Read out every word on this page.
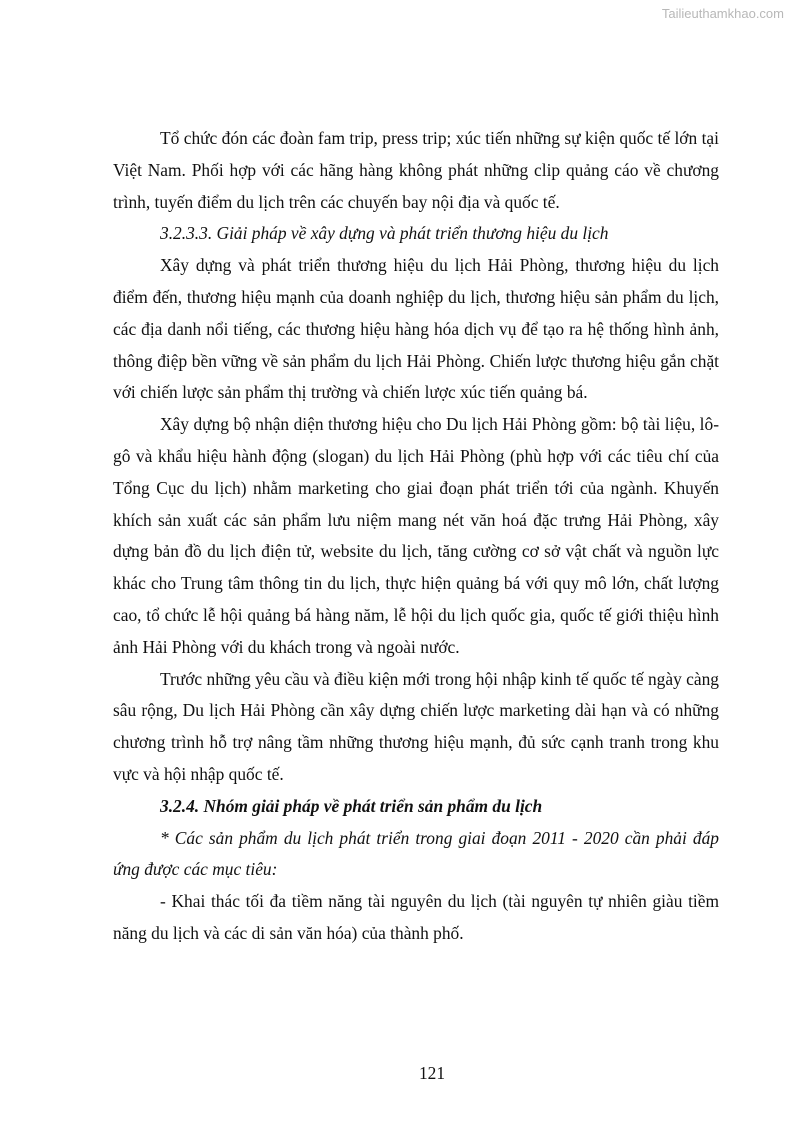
Tailieuthamkhao.com

Tổ chức đón các đoàn fam trip, press trip; xúc tiến những sự kiện quốc tế lớn tại Việt Nam. Phối hợp với các hãng hàng không phát những clip quảng cáo về chương trình, tuyến điểm du lịch trên các chuyến bay nội địa và quốc tế.

3.2.3.3. Giải pháp về xây dựng và phát triển thương hiệu du lịch

Xây dựng và phát triển thương hiệu du lịch Hải Phòng, thương hiệu du lịch điểm đến, thương hiệu mạnh của doanh nghiệp du lịch, thương hiệu sản phẩm du lịch, các địa danh nổi tiếng, các thương hiệu hàng hóa dịch vụ để tạo ra hệ thống hình ảnh, thông điệp bền vững về sản phẩm du lịch Hải Phòng. Chiến lược thương hiệu gắn chặt với chiến lược sản phẩm thị trường và chiến lược xúc tiến quảng bá.

Xây dựng bộ nhận diện thương hiệu cho Du lịch Hải Phòng gồm: bộ tài liệu, lô-gô và khẩu hiệu hành động (slogan) du lịch Hải Phòng (phù hợp với các tiêu chí của Tổng Cục du lịch) nhằm marketing cho giai đoạn phát triển tới của ngành. Khuyến khích sản xuất các sản phẩm lưu niệm mang nét văn hoá đặc trưng Hải Phòng, xây dựng bản đồ du lịch điện tử, website du lịch, tăng cường cơ sở vật chất và nguồn lực khác cho Trung tâm thông tin du lịch, thực hiện quảng bá với quy mô lớn, chất lượng cao, tổ chức lễ hội quảng bá hàng năm, lễ hội du lịch quốc gia, quốc tế giới thiệu hình ảnh Hải Phòng với du khách trong và ngoài nước.

Trước những yêu cầu và điều kiện mới trong hội nhập kinh tế quốc tế ngày càng sâu rộng, Du lịch Hải Phòng cần xây dựng chiến lược marketing dài hạn và có những chương trình hỗ trợ nâng tầm những thương hiệu mạnh, đủ sức cạnh tranh trong khu vực và hội nhập quốc tế.

3.2.4. Nhóm giải pháp về phát triển sản phẩm du lịch

* Các sản phẩm du lịch phát triển trong giai đoạn 2011 - 2020 cần phải đáp ứng được các mục tiêu:

- Khai thác tối đa tiềm năng tài nguyên du lịch (tài nguyên tự nhiên giàu tiềm năng du lịch và các di sản văn hóa) của thành phố.

121
